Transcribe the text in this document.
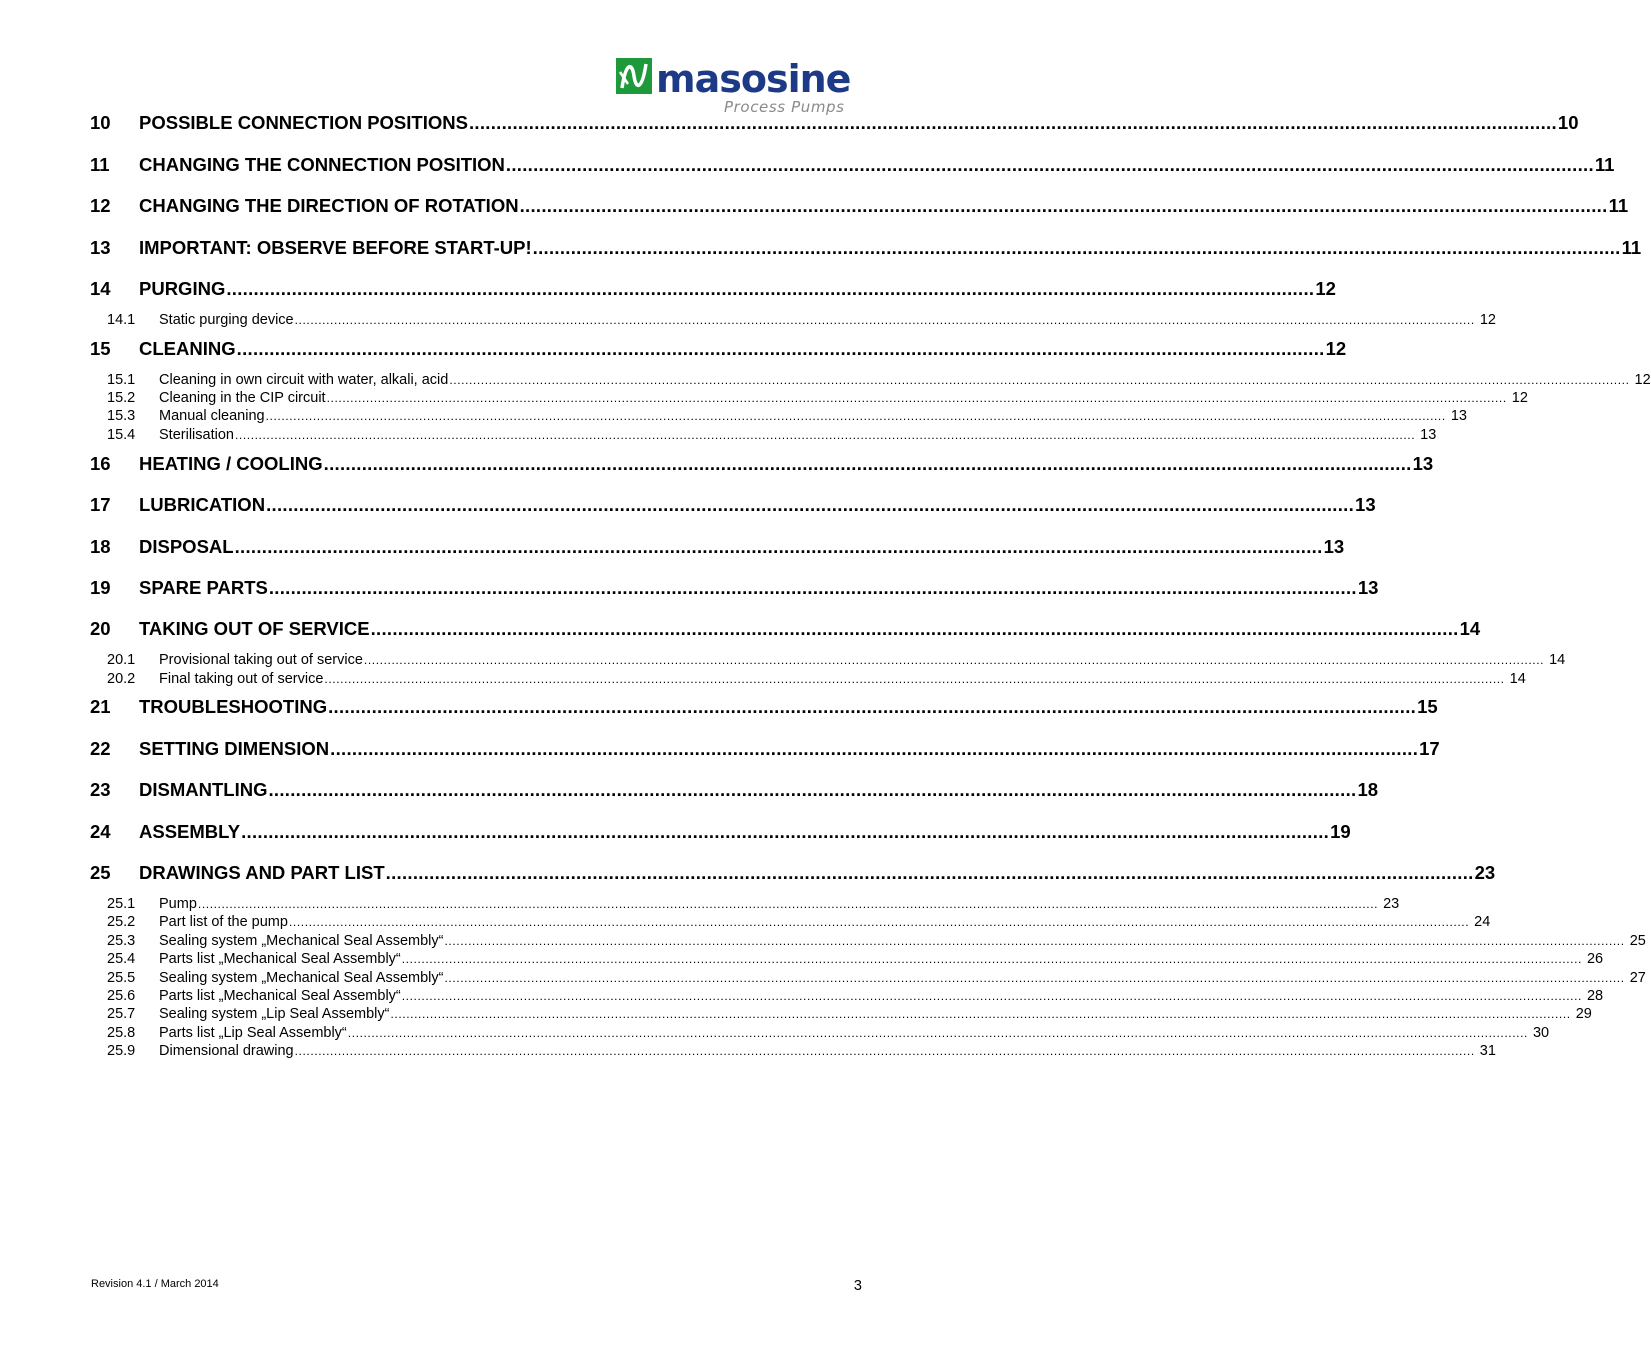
masosine
Process Pumps
10	POSSIBLE CONNECTION POSITIONS ........................................................................................................................................................................................................ 10
11	CHANGING THE CONNECTION POSITION ........................................................................................................................................................................................................ 11
12	CHANGING THE DIRECTION OF ROTATION ........................................................................................................................................................................................................ 11
13	IMPORTANT: OBSERVE BEFORE START-UP! ........................................................................................................................................................................................................ 11
14	PURGING ........................................................................................................................................................................................................ 12
14.1	Static purging device ............................................................................................................................................................................................................................................................................................................ 12
15	CLEANING ........................................................................................................................................................................................................ 12
15.1	Cleaning in own circuit with water, alkali, acid ............................................................................................................................................................................................................................................................................................................ 12
15.2	Cleaning in the CIP circuit ............................................................................................................................................................................................................................................................................................................ 12
15.3	Manual cleaning ............................................................................................................................................................................................................................................................................................................ 13
15.4	Sterilisation ............................................................................................................................................................................................................................................................................................................ 13
16	HEATING / COOLING ........................................................................................................................................................................................................ 13
17	LUBRICATION ........................................................................................................................................................................................................ 13
18	DISPOSAL ........................................................................................................................................................................................................ 13
19	SPARE PARTS ........................................................................................................................................................................................................ 13
20	TAKING OUT OF SERVICE ........................................................................................................................................................................................................ 14
20.1	Provisional taking out of service ............................................................................................................................................................................................................................................................................................................ 14
20.2	Final taking out of service ............................................................................................................................................................................................................................................................................................................ 14
21	TROUBLESHOOTING ........................................................................................................................................................................................................ 15
22	SETTING DIMENSION ........................................................................................................................................................................................................ 17
23	DISMANTLING ........................................................................................................................................................................................................ 18
24	ASSEMBLY ........................................................................................................................................................................................................ 19
25	DRAWINGS AND PART LIST ........................................................................................................................................................................................................ 23
25.1	Pump ............................................................................................................................................................................................................................................................................................................ 23
25.2	Part list of the pump ............................................................................................................................................................................................................................................................................................................ 24
25.3	Sealing system „Mechanical Seal Assembly“ ............................................................................................................................................................................................................................................................................................................ 25
25.4	Parts list „Mechanical Seal Assembly“ ............................................................................................................................................................................................................................................................................................................ 26
25.5	Sealing system „Mechanical Seal Assembly“ ............................................................................................................................................................................................................................................................................................................ 27
25.6	Parts list „Mechanical Seal Assembly“ ............................................................................................................................................................................................................................................................................................................ 28
25.7	Sealing system „Lip Seal Assembly“ ............................................................................................................................................................................................................................................................................................................ 29
25.8	Parts list „Lip Seal Assembly“ ............................................................................................................................................................................................................................................................................................................ 30
25.9	Dimensional drawing ............................................................................................................................................................................................................................................................................................................ 31
Revision 4.1 / March 2014	3
